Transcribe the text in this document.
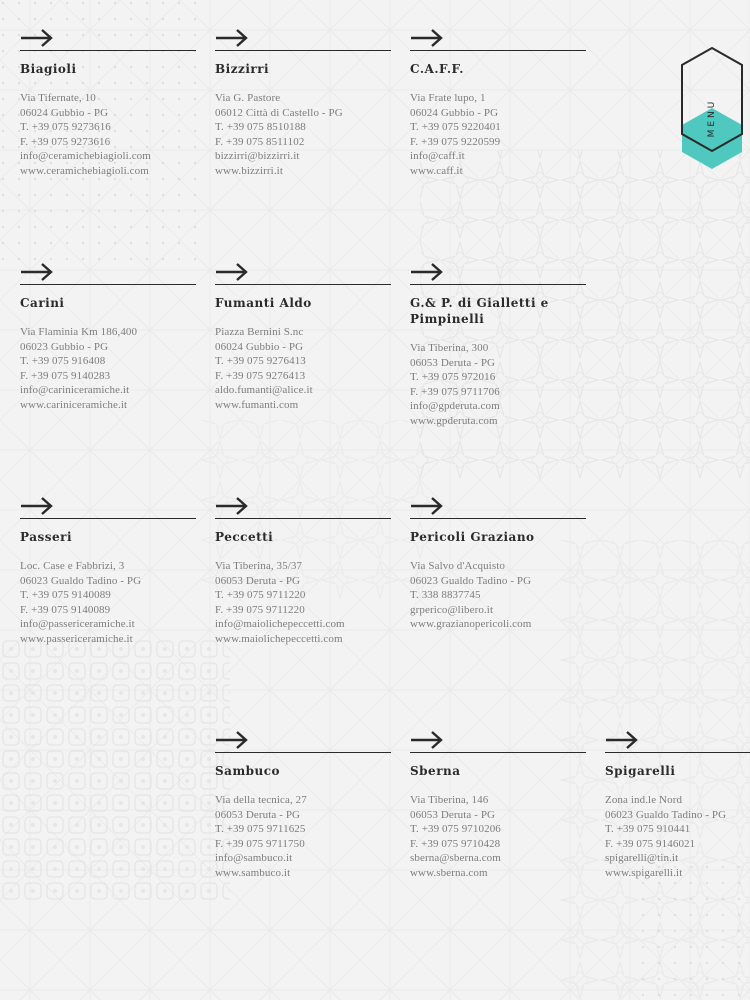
Biagioli
Via Tifernate, 10
06024 Gubbio - PG
T. +39 075 9273616
F. +39 075 9273616
info@ceramichebiagioli.com
www.ceramichebiagioli.com
Bizzirri
Via G. Pastore
06012 Città di Castello - PG
T. +39 075 8510188
F. +39 075 8511102
bizzirri@bizzirri.it
www.bizzirri.it
C.A.F.F.
Via Frate lupo, 1
06024 Gubbio - PG
T. +39 075 9220401
F. +39 075 9220599
info@caff.it
www.caff.it
Carini
Via Flaminia Km 186,400
06023 Gubbio - PG
T. +39 075 916408
F. +39 075 9140283
info@cariniceramiche.it
www.cariniceramiche.it
Fumanti Aldo
Piazza Bernini S.nc
06024 Gubbio - PG
T. +39 075 9276413
F. +39 075 9276413
aldo.fumanti@alice.it
www.fumanti.com
G.& P. di Gialletti e Pimpinelli
Via Tiberina, 300
06053 Deruta - PG
T. +39 075 972016
F. +39 075 9711706
info@gpderuta.com
www.gpderuta.com
Passeri
Loc. Case e Fabbrizi, 3
06023 Gualdo Tadino - PG
T. +39 075 9140089
F. +39 075 9140089
info@passericeramiche.it
www.passericeramiche.it
Peccetti
Via Tiberina, 35/37
06053 Deruta - PG
T. +39 075 9711220
F. +39 075 9711220
info@maiolichepeccetti.com
www.maiolichepeccetti.com
Pericoli Graziano
Via Salvo d'Acquisto
06023 Gualdo Tadino - PG
T. 338 8837745
grperico@libero.it
www.grazianopericoli.com
Sambuco
Via della tecnica, 27
06053 Deruta - PG
T. +39 075 9711625
F. +39 075 9711750
info@sambuco.it
www.sambuco.it
Sberna
Via Tiberina, 146
06053 Deruta - PG
T. +39 075 9710206
F. +39 075 9710428
sberna@sberna.com
www.sberna.com
Spigarelli
Zona ind.le Nord
06023 Gualdo Tadino - PG
T. +39 075 910441
F. +39 075 9146021
spigarelli@tin.it
www.spigarelli.it
MENU
